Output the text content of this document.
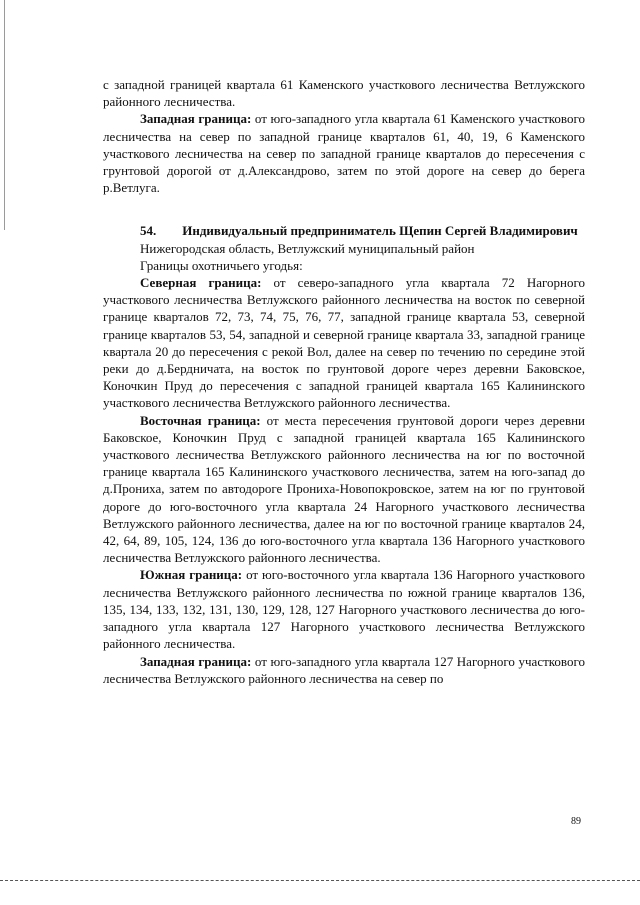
с западной границей квартала 61 Каменского участкового лесничества Ветлужского районного лесничества.

Западная граница: от юго-западного угла квартала 61 Каменского участкового лесничества на север по западной границе кварталов 61, 40, 19, 6 Каменского участкового лесничества на север по западной границе кварталов до пересечения с грунтовой дорогой от д.Александрово, затем по этой дороге на север до берега р.Ветлуга.

54. Индивидуальный предприниматель Щепин Сергей Владимирович

Нижегородская область, Ветлужский муниципальный район

Границы охотничьего угодья:

Северная граница: от северо-западного угла квартала 72 Нагорного участкового лесничества Ветлужского районного лесничества на восток по северной границе кварталов 72, 73, 74, 75, 76, 77, западной границе квартала 53, северной границе кварталов 53, 54, западной и северной границе квартала 33, западной границе квартала 20 до пересечения с рекой Вол, далее на север по течению по середине этой реки до д.Бердничата, на восток по грунтовой дороге через деревни Баковское, Коночкин Пруд до пересечения с западной границей квартала 165 Калининского участкового лесничества Ветлужского районного лесничества.

Восточная граница: от места пересечения грунтовой дороги через деревни Баковское, Коночкин Пруд с западной границей квартала 165 Калининского участкового лесничества Ветлужского районного лесничества на юг по восточной границе квартала 165 Калининского участкового лесничества, затем на юго-запад до д.Прониха, затем по автодороге Прониха-Новопокровское, затем на юг по грунтовой дороге до юго-восточного угла квартала 24 Нагорного участкового лесничества Ветлужского районного лесничества, далее на юг по восточной границе кварталов 24, 42, 64, 89, 105, 124, 136 до юго-восточного угла квартала 136 Нагорного участкового лесничества Ветлужского районного лесничества.

Южная граница: от юго-восточного угла квартала 136 Нагорного участкового лесничества Ветлужского районного лесничества по южной границе кварталов 136, 135, 134, 133, 132, 131, 130, 129, 128, 127 Нагорного участкового лесничества до юго-западного угла квартала 127 Нагорного участкового лесничества Ветлужского районного лесничества.

Западная граница: от юго-западного угла квартала 127 Нагорного участкового лесничества Ветлужского районного лесничества на север по

89
